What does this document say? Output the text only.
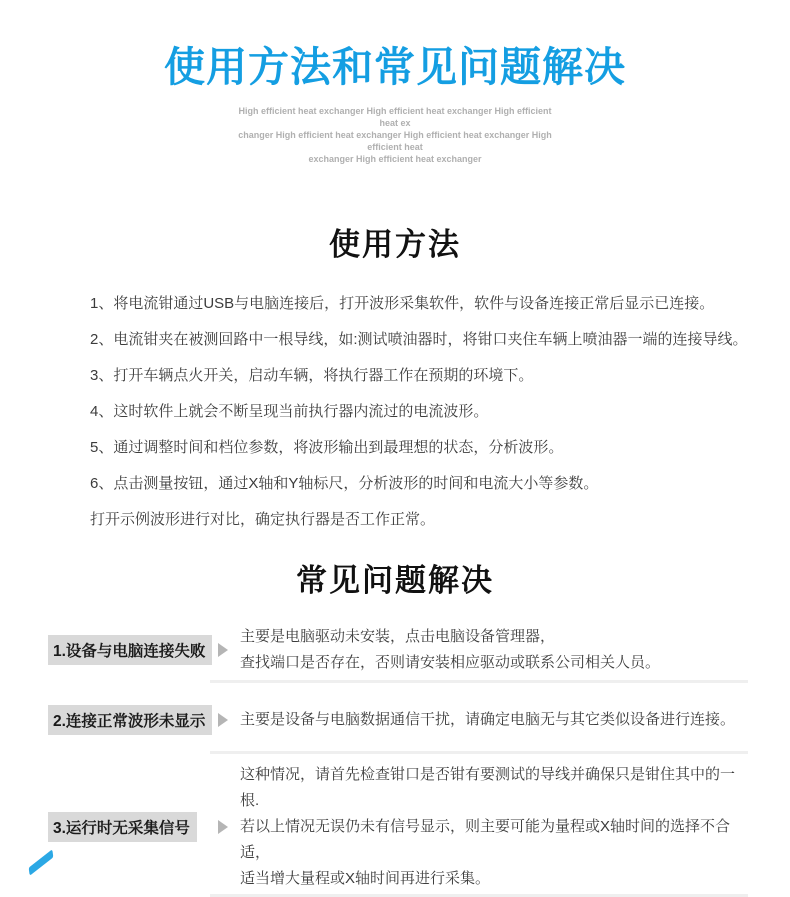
使用方法和常见问题解决
High efficient heat exchanger High efficient heat exchanger High efficient heat ex
changer High efficient heat exchanger High efficient heat exchanger High efficient heat
exchanger High efficient heat exchanger
使用方法

1、将电流钳通过USB与电脑连接后，打开波形采集软件，软件与设备连接正常后显示已连接。

2、电流钳夹在被测回路中一根导线，如:测试喷油器时，将钳口夹住车辆上喷油器一端的连接导线。

3、打开车辆点火开关，启动车辆，将执行器工作在预期的环境下。

4、这时软件上就会不断呈现当前执行器内流过的电流波形。

5、通过调整时间和档位参数，将波形输出到最理想的状态，分析波形。

6、点击测量按钮，通过X轴和Y轴标尺，分析波形的时间和电流大小等参数。

打开示例波形进行对比，确定执行器是否工作正常。

常见问题解决
1.设备与电脑连接失败
主要是电脑驱动未安装，点击电脑设备管理器，
查找端口是否存在，否则请安装相应驱动或联系公司相关人员。
2.连接正常波形未显示	主要是设备与电脑数据通信干扰，请确定电脑无与其它类似设备进行连接。
3.运行时无采集信号
这种情况，请首先检查钳口是否钳有要测试的导线并确保只是钳住其中的一根.
若以上情况无误仍未有信号显示，则主要可能为量程或X轴时间的选择不合适，
适当增大量程或X轴时间再进行采集。
